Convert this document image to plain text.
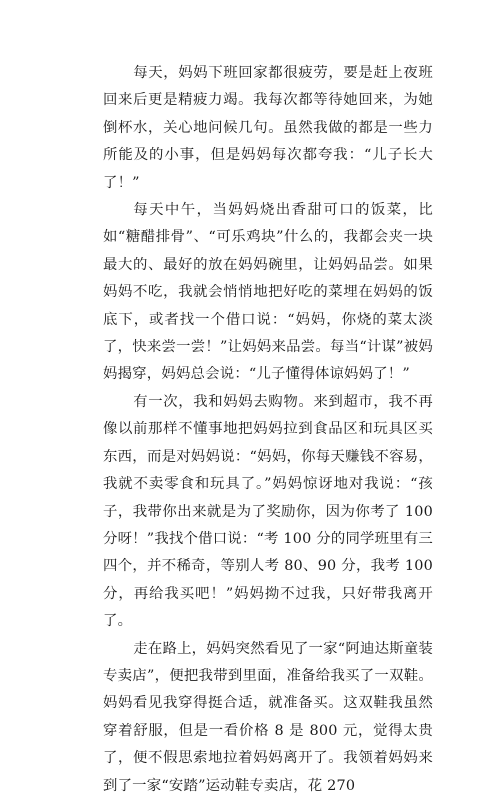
每天，妈妈下班回家都很疲劳，要是赶上夜班回来后更是精疲力竭。我每次都等待她回来，为她倒杯水，关心地问候几句。虽然我做的都是一些力所能及的小事，但是妈妈每次都夸我：“儿子长大了！”

每天中午，当妈妈烧出香甜可口的饭菜，比如“糖醋排骨”、“可乐鸡块”什么的，我都会夹一块最大的、最好的放在妈妈碗里，让妈妈品尝。如果妈妈不吃，我就会悄悄地把好吃的菜埋在妈妈的饭底下，或者找一个借口说：“妈妈，你烧的菜太淡了，快来尝一尝！”让妈妈来品尝。每当“计谋”被妈妈揭穿，妈妈总会说：“儿子懂得体谅妈妈了！”

有一次，我和妈妈去购物。来到超市，我不再像以前那样不懂事地把妈妈拉到食品区和玩具区买东西，而是对妈妈说：“妈妈，你每天赚钱不容易，我就不卖零食和玩具了。”妈妈惊讶地对我说：“孩子，我带你出来就是为了奖励你，因为你考了 100 分呀！”我找个借口说：“考 100 分的同学班里有三四个，并不稀奇，等别人考 80、90 分，我考 100 分，再给我买吧！”妈妈拗不过我，只好带我离开了。

走在路上，妈妈突然看见了一家“阿迪达斯童装专卖店”，便把我带到里面，准备给我买了一双鞋。妈妈看见我穿得挺合适，就准备买。这双鞋我虽然穿着舒服，但是一看价格 8 是 800 元，觉得太贵了，便不假思索地拉着妈妈离开了。我领着妈妈来到了一家“安踏”运动鞋专卖店，花 270
